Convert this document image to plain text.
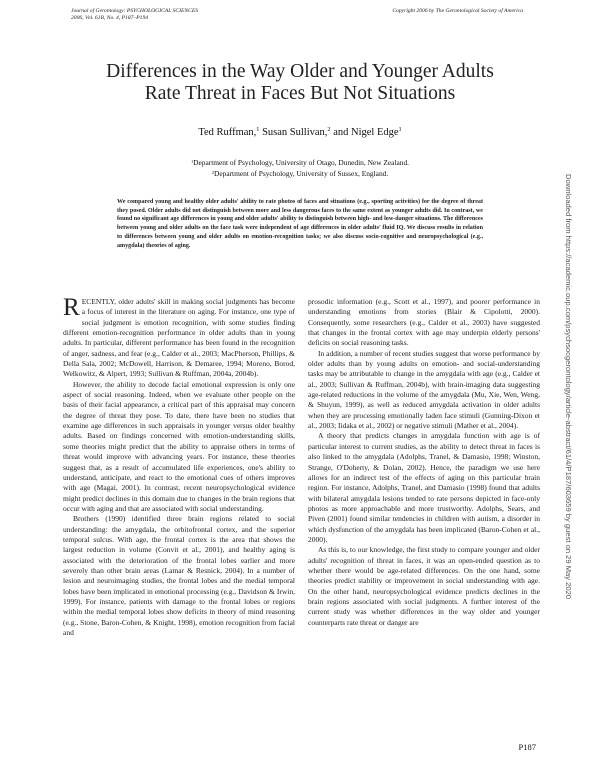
Journal of Gerontology: PSYCHOLOGICAL SCIENCES
2006, Vol. 61B, No. 4, P187–P194
Copyright 2006 by The Gerontological Society of America
Differences in the Way Older and Younger Adults
Rate Threat in Faces But Not Situations
Ted Ruffman,$^1$ Susan Sullivan,$^2$ and Nigel Edge$^1$
$^1$Department of Psychology, University of Otago, Dunedin, New Zealand.
$^2$Department of Psychology, University of Sussex, England.
We compared young and healthy older adults' ability to rate photos of faces and situations (e.g., sporting activities) for the degree of threat they posed. Older adults did not distinguish between more and less dangerous faces to the same extent as younger adults did. In contrast, we found no significant age differences in young and older adults' ability to distinguish between high- and low-danger situations. The differences between young and older adults on the face task were independent of age differences in older adults' fluid IQ. We discuss results in relation to differences between young and older adults on emotion-recognition tasks; we also discuss socio-cognitive and neuropsychological (e.g., amygdala) theories of aging.

RECENTLY, older adults' skill in making social judgments has become a focus of interest in the literature on aging. For instance, one type of social judgment is emotion recognition, with some studies finding different emotion-recognition performance in older adults than in young adults. In particular, different performance has been found in the recognition of anger, sadness, and fear (e.g., Calder et al., 2003; MacPherson, Phillips, & Della Sala, 2002; McDowell, Harrison, & Demaree, 1994; Moreno, Borod, Welkowitz, & Alpert, 1993; Sullivan & Ruffman, 2004a, 2004b).

However, the ability to decode facial emotional expression is only one aspect of social reasoning. Indeed, when we evaluate other people on the basis of their facial appearance, a critical part of this appraisal may concern the degree of threat they pose. To date, there have been no studies that examine age differences in such appraisals in younger versus older healthy adults. Based on findings concerned with emotion-understanding skills, some theories might predict that the ability to appraise others in terms of threat would improve with advancing years. For instance, these theories suggest that, as a result of accumulated life experiences, one's ability to understand, anticipate, and react to the emotional cues of others improves with age (Magai, 2001). In contrast, recent neuropsychological evidence might predict declines in this domain due to changes in the brain regions that occur with aging and that are associated with social understanding.

Brothers (1990) identified three brain regions related to social understanding: the amygdala, the orbitofrontal cortex, and the superior temporal sulcus. With age, the frontal cortex is the area that shows the largest reduction in volume (Convit et al., 2001), and healthy aging is associated with the deterioration of the frontal lobes earlier and more severely than other brain areas (Lamar & Resnick, 2004). In a number of lesion and neuroimaging studies, the frontal lobes and the medial temporal lobes have been implicated in emotional processing (e.g., Davidson & Irwin, 1999). For instance, patients with damage to the frontal lobes or regions within the medial temporal lobes show deficits in theory of mind reasoning (e.g., Stone, Baron-Cohen, & Knight, 1998), emotion recognition from facial and

prosodic information (e.g., Scott et al., 1997), and poorer performance in understanding emotions from stories (Blair & Cipolotti, 2000). Consequently, some researchers (e.g., Calder et al., 2003) have suggested that changes in the frontal cortex with age may underpin elderly persons' deficits on social reasoning tasks.

In addition, a number of recent studies suggest that worse performance by older adults than by young adults on emotion- and social-understanding tasks may be attributable to change in the amygdala with age (e.g., Calder et al., 2003; Sullivan & Ruffman, 2004b), with brain-imaging data suggesting age-related reductions in the volume of the amygdala (Mu, Xie, Wen, Weng, & Shuyun, 1999), as well as reduced amygdala activation in older adults when they are processing emotionally laden face stimuli (Gunning-Dixon et al., 2003; Iidaka et al., 2002) or negative stimuli (Mather et al., 2004).

A theory that predicts changes in amygdala function with age is of particular interest to current studies, as the ability to detect threat in faces is also linked to the amygdala (Adolphs, Tranel, & Damasio, 1998; Winston, Strange, O'Doherty, & Dolan, 2002). Hence, the paradigm we use here allows for an indirect test of the effects of aging on this particular brain region. For instance, Adolphs, Tranel, and Damasio (1998) found that adults with bilateral amygdala lesions tended to rate persons depicted in face-only photos as more approachable and more trustworthy. Adolphs, Sears, and Piven (2001) found similar tendencies in children with autism, a disorder in which dysfunction of the amygdala has been implicated (Baron-Cohen et al., 2000).

As this is, to our knowledge, the first study to compare younger and older adults' recognition of threat in faces, it was an open-ended question as to whether there would be age-related differences. On the one hand, some theories predict stability or improvement in social understanding with age. On the other hand, neuropsychological evidence predicts declines in the brain regions associated with social judgments. A further interest of the current study was whether differences in the way older and younger counterparts rate threat or danger are

Downloaded from https://academic.oup.com/psychsocgerontology/article-abstract/61/4/P187/603659 by guest on 29 May 2020
P187
